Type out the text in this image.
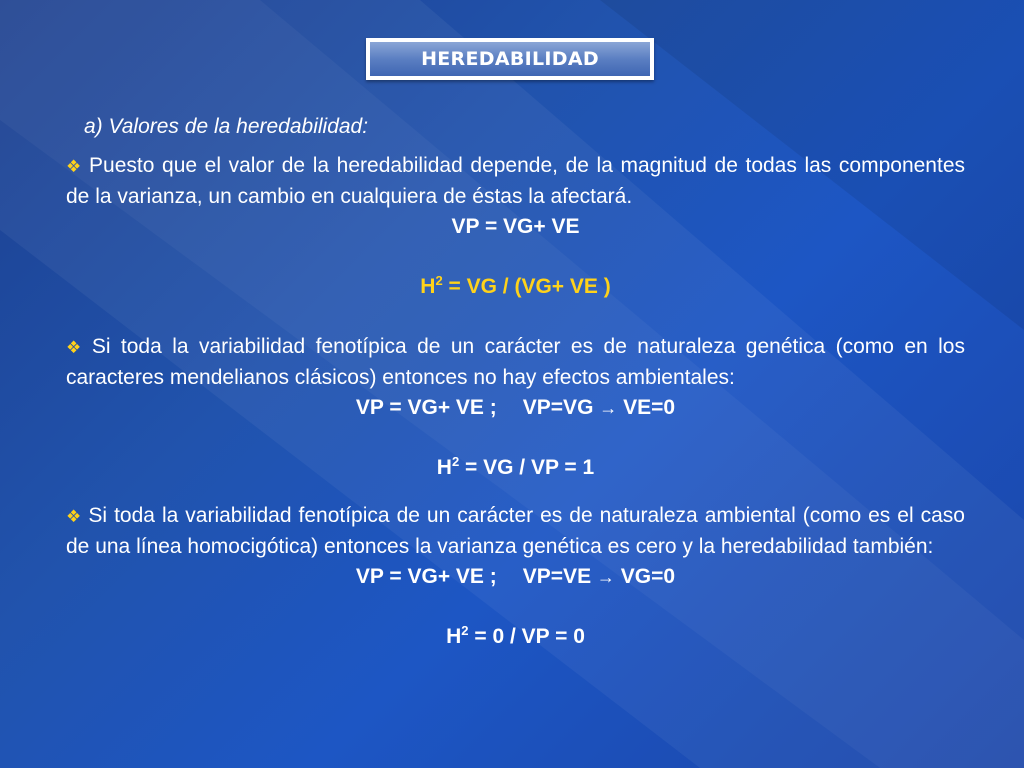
HEREDABILIDAD
a) Valores de la heredabilidad:
❖ Puesto que el valor de la heredabilidad depende, de la magnitud de todas las componentes de la varianza, un cambio en cualquiera de éstas la afectará.
VP = VG+ VE
$H^2$ = VG / (VG+ VE )
❖ Si toda la variabilidad fenotípica de un carácter es de naturaleza genética (como en los caracteres mendelianos clásicos) entonces no hay efectos ambientales:
VP = VG+ VE ; VP=VG → VE=0
$H^2$ = VG / VP = 1
❖ Si toda la variabilidad fenotípica de un carácter es de naturaleza ambiental (como es el caso de una línea homocigótica) entonces la varianza genética es cero y la heredabilidad también:
VP = VG+ VE ; VP=VE → VG=0
$H^2 = 0$ / VP = 0
